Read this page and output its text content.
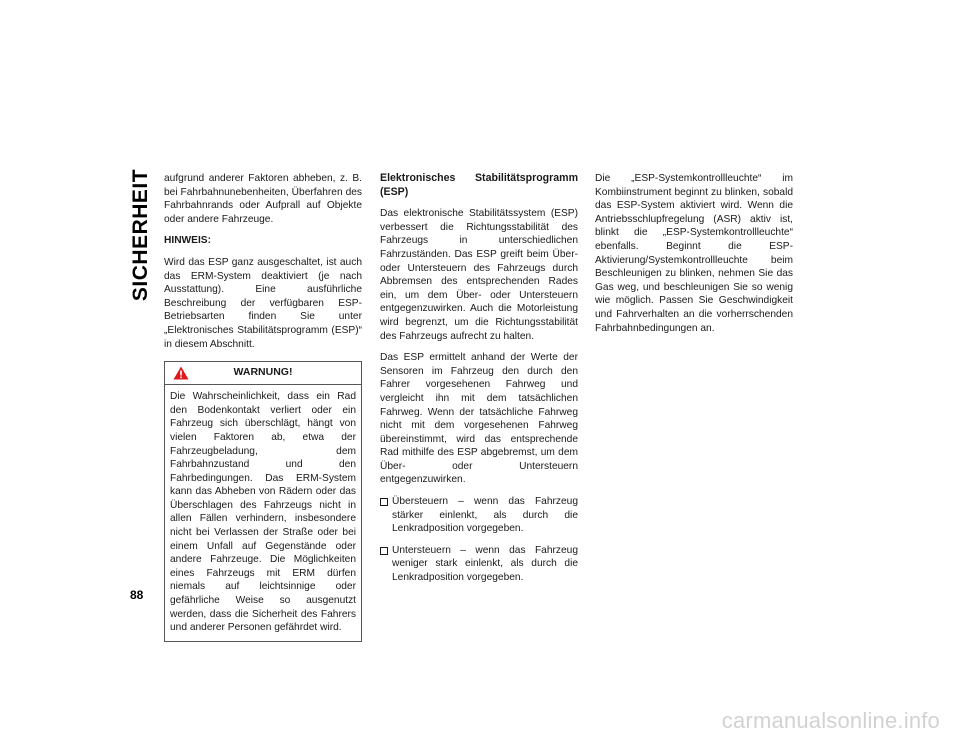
SICHERHEIT
88

aufgrund anderer Faktoren abheben, z. B. bei Fahrbahnunebenheiten, Überfahren des Fahrbahnrands oder Aufprall auf Objekte oder andere Fahrzeuge.

HINWEIS:

Wird das ESP ganz ausgeschaltet, ist auch das ERM-System deaktiviert (je nach Ausstattung). Eine ausführliche Beschreibung der verfügbaren ESP-Betriebsarten finden Sie unter „Elektronisches Stabilitätsprogramm (ESP)“ in diesem Abschnitt.

WARNUNG!
Die Wahrscheinlichkeit, dass ein Rad den Bodenkontakt verliert oder ein Fahrzeug sich überschlägt, hängt von vielen Faktoren ab, etwa der Fahrzeugbeladung, dem Fahrbahnzustand und den Fahrbedingungen. Das ERM-System kann das Abheben von Rädern oder das Überschlagen des Fahrzeugs nicht in allen Fällen verhindern, insbesondere nicht bei Verlassen der Straße oder bei einem Unfall auf Gegenstände oder andere Fahrzeuge. Die Möglichkeiten eines Fahrzeugs mit ERM dürfen niemals auf leichtsinnige oder gefährliche Weise so ausgenutzt werden, dass die Sicherheit des Fahrers und anderer Personen gefährdet wird.

Elektronisches Stabilitätsprogramm (ESP)

Das elektronische Stabilitätssystem (ESP) verbessert die Richtungsstabilität des Fahrzeugs in unterschiedlichen Fahrzuständen. Das ESP greift beim Über- oder Untersteuern des Fahrzeugs durch Abbremsen des entsprechenden Rades ein, um dem Über- oder Untersteuern entgegenzuwirken. Auch die Motorleistung wird begrenzt, um die Richtungsstabilität des Fahrzeugs aufrecht zu halten.

Das ESP ermittelt anhand der Werte der Sensoren im Fahrzeug den durch den Fahrer vorgesehenen Fahrweg und vergleicht ihn mit dem tatsächlichen Fahrweg. Wenn der tatsächliche Fahrweg nicht mit dem vorgesehenen Fahrweg übereinstimmt, wird das entsprechende Rad mithilfe des ESP abgebremst, um dem Über- oder Untersteuern entgegenzuwirken.

Übersteuern – wenn das Fahrzeug stärker einlenkt, als durch die Lenkradposition vorgegeben.

Untersteuern – wenn das Fahrzeug weniger stark einlenkt, als durch die Lenkradposition vorgegeben.

Die „ESP-Systemkontrollleuchte“ im Kombiinstrument beginnt zu blinken, sobald das ESP-System aktiviert wird. Wenn die Antriebsschlupfregelung (ASR) aktiv ist, blinkt die „ESP-Systemkontrollleuchte“ ebenfalls. Beginnt die ESP-Aktivierung/Systemkontrollleuchte beim Beschleunigen zu blinken, nehmen Sie das Gas weg, und beschleunigen Sie so wenig wie möglich. Passen Sie Geschwindigkeit und Fahrverhalten an die vorherrschenden Fahrbahnbedingungen an.

carmanualsonline.info
